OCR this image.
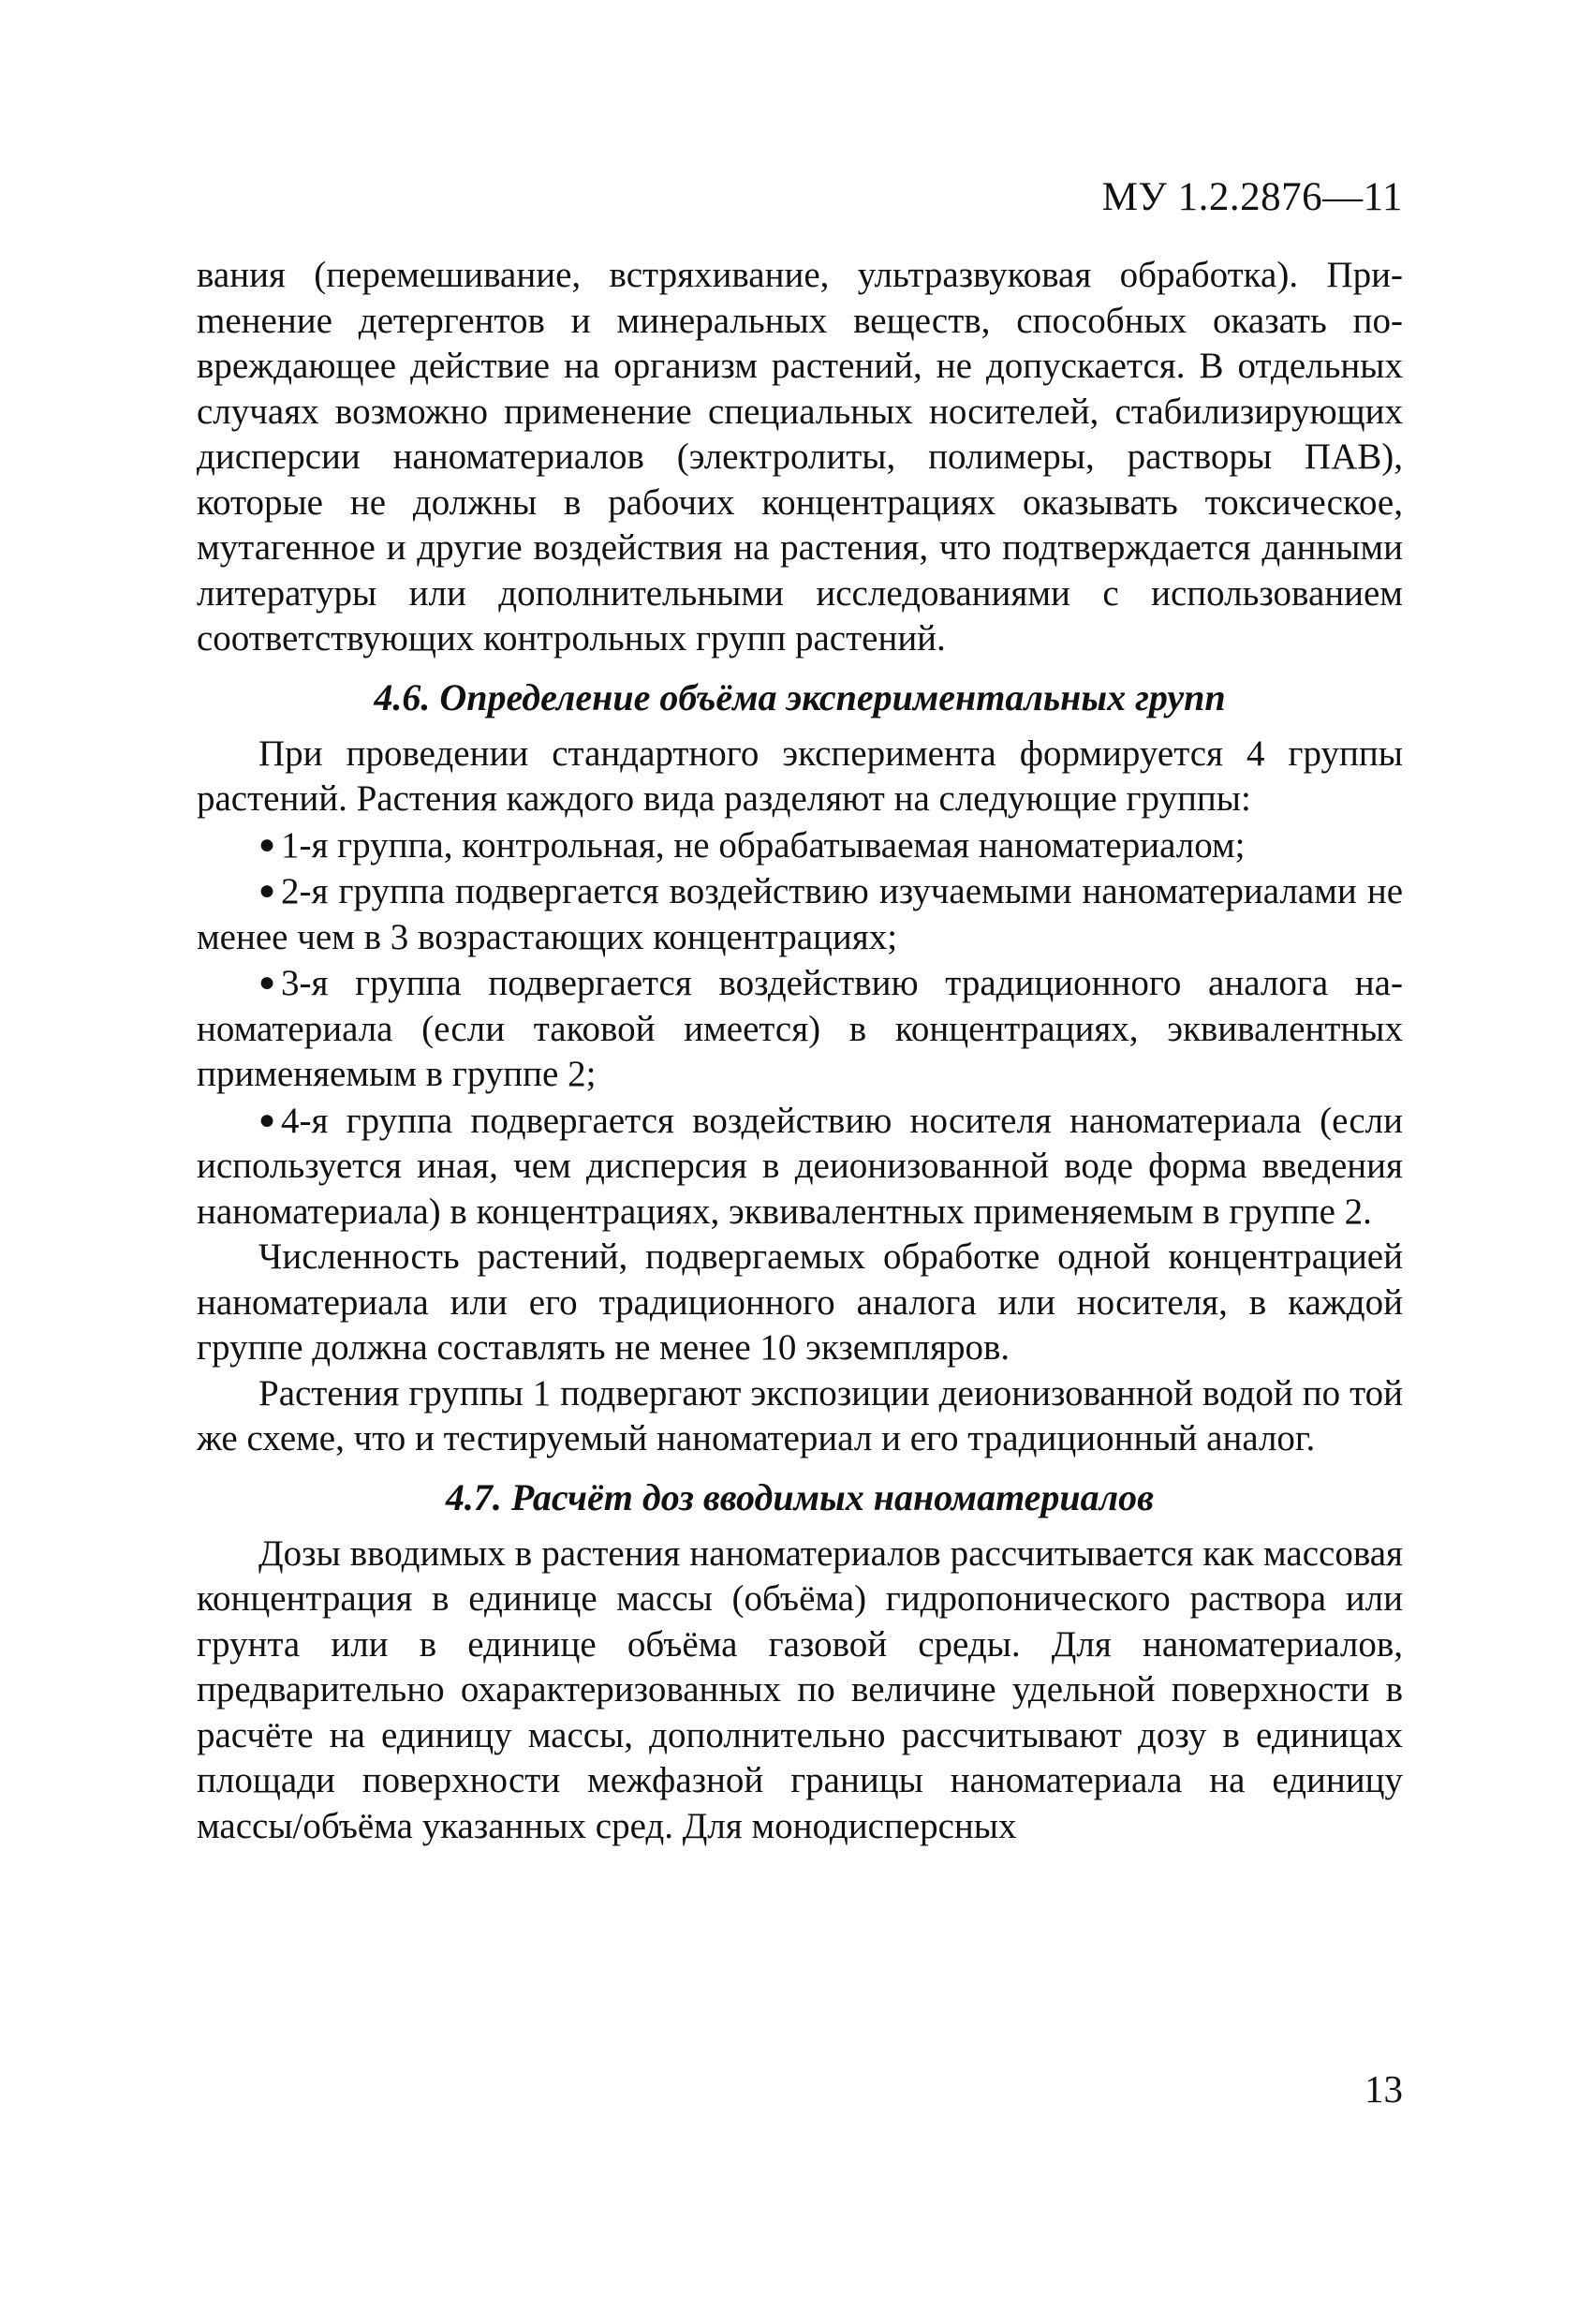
МУ 1.2.2876—11

вания (перемешивание, встряхивание, ультразвуковая обработка). Приmенение детергентов и минеральных веществ, способных оказать повреждающее действие на организм растений, не допускается. В отдельных случаях возможно применение специальных носителей, стабилизирующих дисперсии наноматериалов (электролиты, полимеры, растворы ПАВ), которые не должны в рабочих концентрациях оказывать токсическое, мутагенное и другие воздействия на растения, что подтверждается данными литературы или дополнительными исследованиями с использованием соответствующих контрольных групп растений.

4.6. Определение объёма экспериментальных групп

При проведении стандартного эксперимента формируется 4 группы растений. Растения каждого вида разделяют на следующие группы:

● 1-я группа, контрольная, не обрабатываемая наноматериалом;
● 2-я группа подвергается воздействию изучаемыми наноматериалами не менее чем в 3 возрастающих концентрациях;
● 3-я группа подвергается воздействию традиционного аналога наноматериала (если таковой имеется) в концентрациях, эквивалентных применяемым в группе 2;
● 4-я группа подвергается воздействию носителя наноматериала (если используется иная, чем дисперсия в деионизованной воде форма введения наноматериала) в концентрациях, эквивалентных применяемым в группе 2.

Численность растений, подвергаемых обработке одной концентрацией наноматериала или его традиционного аналога или носителя, в каждой группе должна составлять не менее 10 экземпляров.

Растения группы 1 подвергают экспозиции деионизованной водой по той же схеме, что и тестируемый наноматериал и его традиционный аналог.

4.7. Расчёт доз вводимых наноматериалов

Дозы вводимых в растения наноматериалов рассчитывается как массовая концентрация в единице массы (объёма) гидропонического раствора или грунта или в единице объёма газовой среды. Для наноматериалов, предварительно охарактеризованных по величине удельной поверхности в расчёте на единицу массы, дополнительно рассчитывают дозу в единицах площади поверхности межфазной границы наноматeриала на единицу массы/объёма указанных сред. Для монодисперсных

13
